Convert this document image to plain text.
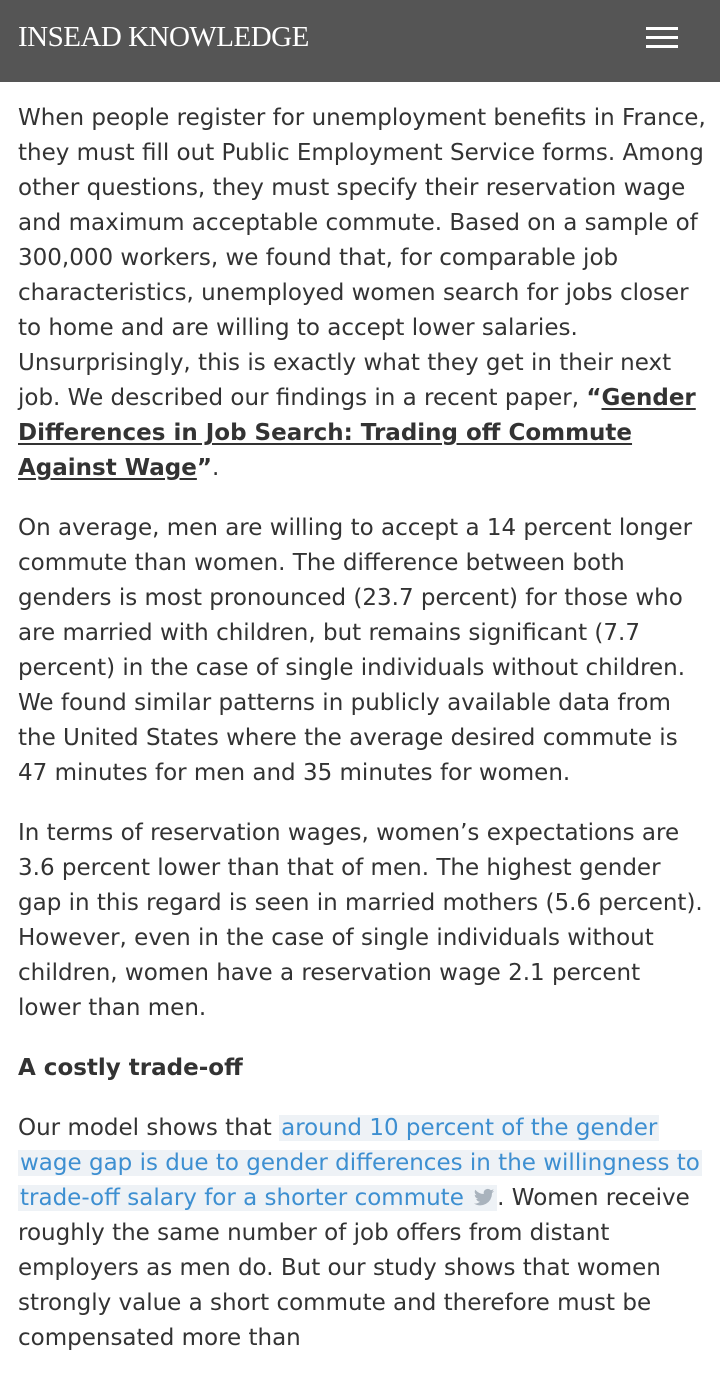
INSEAD KNOWLEDGE

When people register for unemployment benefits in France, they must fill out Public Employment Service forms. Among other questions, they must specify their reservation wage and maximum acceptable commute. Based on a sample of 300,000 workers, we found that, for comparable job characteristics, unemployed women search for jobs closer to home and are willing to accept lower salaries. Unsurprisingly, this is exactly what they get in their next job. We described our findings in a recent paper, “Gender Differences in Job Search: Trading off Commute Against Wage”.

On average, men are willing to accept a 14 percent longer commute than women. The difference between both genders is most pronounced (23.7 percent) for those who are married with children, but remains significant (7.7 percent) in the case of single individuals without children. We found similar patterns in publicly available data from the United States where the average desired commute is 47 minutes for men and 35 minutes for women.

In terms of reservation wages, women’s expectations are 3.6 percent lower than that of men. The highest gender gap in this regard is seen in married mothers (5.6 percent). However, even in the case of single individuals without children, women have a reservation wage 2.1 percent lower than men.

A costly trade-off

Our model shows that around 10 percent of the gender wage gap is due to gender differences in the willingness to trade-off salary for a shorter commute . Women receive roughly the same number of job offers from distant employers as men do. But our study shows that women strongly value a short commute and therefore must be compensated more than
